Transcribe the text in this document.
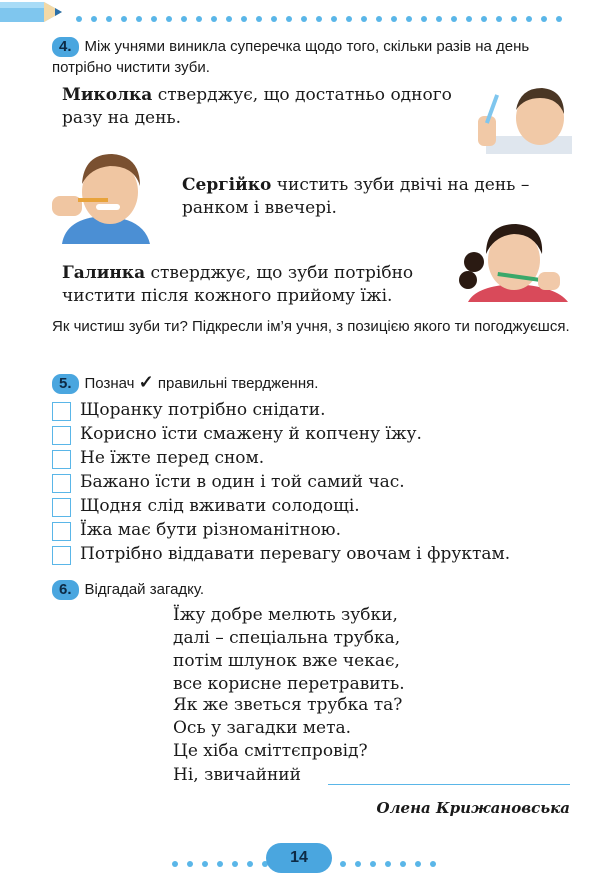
4. Між учнями виникла суперечка щодо того, скільки разів на день потрібно чистити зуби.
Миколка стверджує, що достатньо одного разу на день.
Сергійко чистить зуби двічі на день – ранком і ввечері.
Галинка стверджує, що зуби потрібно чистити після кожного прийому їжі.
Як чистиш зуби ти? Підкресли ім’я учня, з позицією якого ти погоджуєшся.
5. Познач ✓ правильні твердження.
Щоранку потрібно снідати.
Корисно їсти смажену й копчену їжу.
Не їжте перед сном.
Бажано їсти в один і той самий час.
Щодня слід вживати солодощі.
Їжа має бути різноманітною.
Потрібно віддавати перевагу овочам і фруктам.
6. Відгадай загадку.
Їжу добре мелють зубки,
далі – спеціальна трубка,
потім шлунок вже чекає,
все корисне перетравить.
Як же зветься трубка та?
Ось у загадки мета.
Це хіба сміттєпровід?
Ні, звичайний
Олена Крижановська
14
